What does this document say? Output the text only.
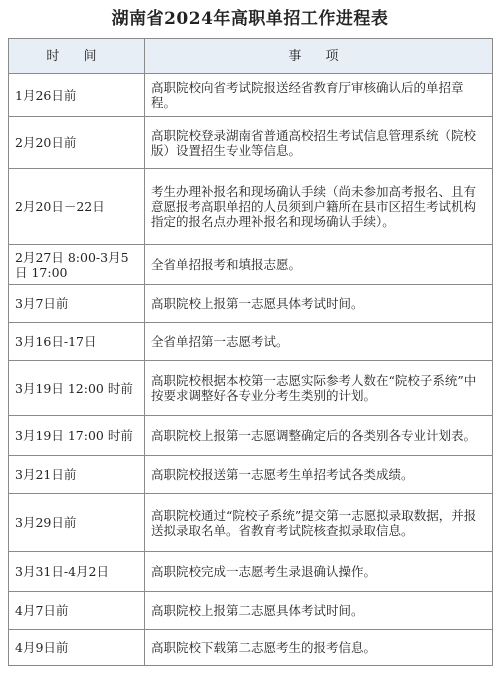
湖南省2024年高职单招工作进程表
时 间	事 项
1月26日前	高职院校向省考试院报送经省教育厅审核确认后的单招章程。
2月20日前	高职院校登录湖南省普通高校招生考试信息管理系统（院校版）设置招生专业等信息。
2月20日－22日	考生办理补报名和现场确认手续（尚未参加高考报名、且有意愿报考高职单招的人员须到户籍所在县市区招生考试机构指定的报名点办理补报名和现场确认手续）。
2月27日 8:00-3月5日 17:00	全省单招报考和填报志愿。
3月7日前	高职院校上报第一志愿具体考试时间。
3月16日-17日	全省单招第一志愿考试。
3月19日 12:00 时前	高职院校根据本校第一志愿实际参考人数在“院校子系统”中按要求调整好各专业分考生类别的计划。
3月19日 17:00 时前	高职院校上报第一志愿调整确定后的各类别各专业计划表。
3月21日前	高职院校报送第一志愿考生单招考试各类成绩。
3月29日前	高职院校通过“院校子系统”提交第一志愿拟录取数据，并报送拟录取名单。省教育考试院核查拟录取信息。
3月31日-4月2日	高职院校完成一志愿考生录退确认操作。
4月7日前	高职院校上报第二志愿具体考试时间。
4月9日前	高职院校下载第二志愿考生的报考信息。
